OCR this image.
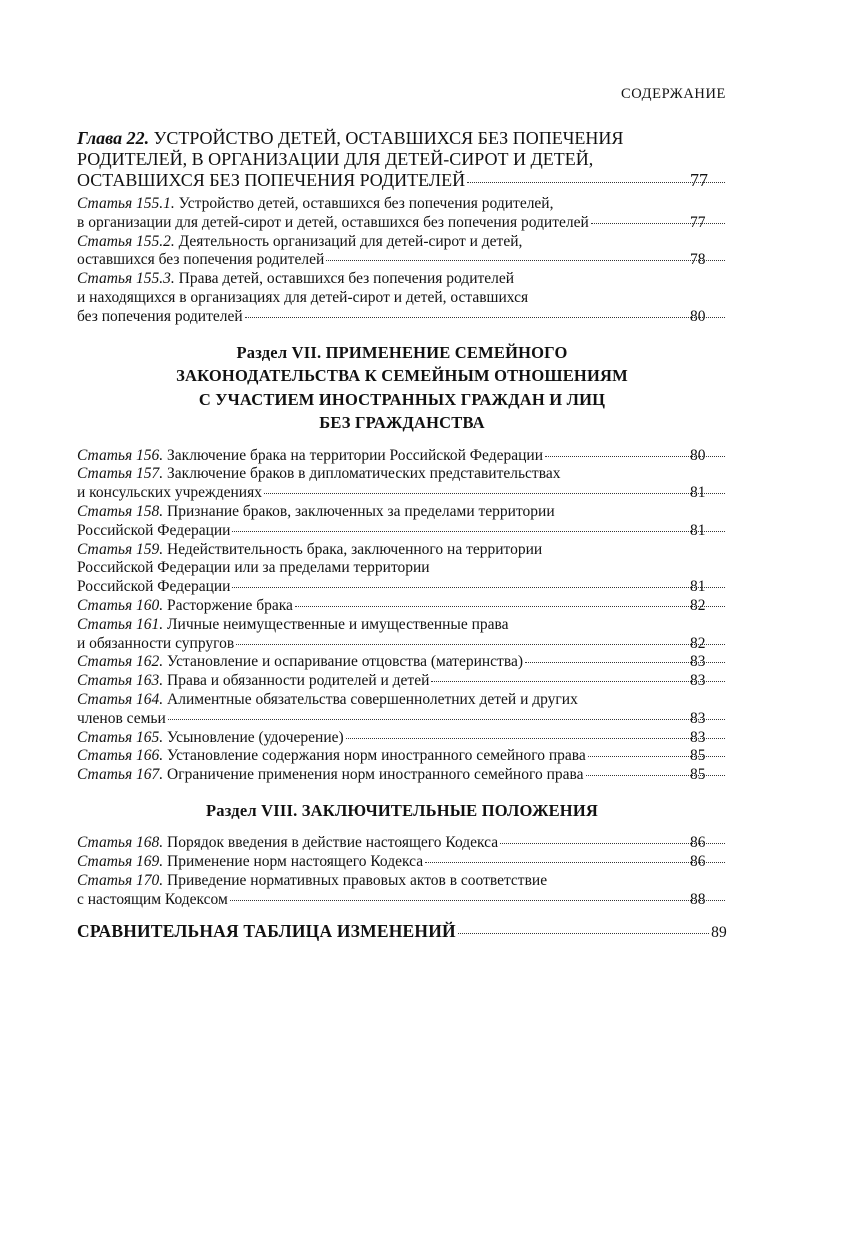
СОДЕРЖАНИЕ
Глава 22. УСТРОЙСТВО ДЕТЕЙ, ОСТАВШИХСЯ БЕЗ ПОПЕЧЕНИЯ
РОДИТЕЛЕЙ, В ОРГАНИЗАЦИИ ДЛЯ ДЕТЕЙ-СИРОТ И ДЕТЕЙ,
ОСТАВШИХСЯ БЕЗ ПОПЕЧЕНИЯ РОДИТЕЛЕЙ	77
Статья 155.1. Устройство детей, оставшихся без попечения родителей,
в организации для детей-сирот и детей, оставшихся без попечения родителей	77
Статья 155.2. Деятельность организаций для детей-сирот и детей,
оставшихся без попечения родителей	78
Статья 155.3. Права детей, оставшихся без попечения родителей
и находящихся в организациях для детей-сирот и детей, оставшихся
без попечения родителей	80
Раздел VII. ПРИМЕНЕНИЕ СЕМЕЙНОГО
ЗАКОНОДАТЕЛЬСТВА К СЕМЕЙНЫМ ОТНОШЕНИЯМ
С УЧАСТИЕМ ИНОСТРАННЫХ ГРАЖДАН И ЛИЦ
БЕЗ ГРАЖДАНСТВА
Статья 156. Заключение брака на территории Российской Федерации	80
Статья 157. Заключение браков в дипломатических представительствах
и консульских учреждениях	81
Статья 158. Признание браков, заключенных за пределами территории
Российской Федерации	81
Статья 159. Недействительность брака, заключенного на территории
Российской Федерации или за пределами территории
Российской Федерации	81
Статья 160. Расторжение брака	82
Статья 161. Личные неимущественные и имущественные права
и обязанности супругов	82
Статья 162. Установление и оспаривание отцовства (материнства)	83
Статья 163. Права и обязанности родителей и детей	83
Статья 164. Алиментные обязательства совершеннолетних детей и других
членов семьи	83
Статья 165. Усыновление (удочерение)	83
Статья 166. Установление содержания норм иностранного семейного права	85
Статья 167. Ограничение применения норм иностранного семейного права	85
Раздел VIII. ЗАКЛЮЧИТЕЛЬНЫЕ ПОЛОЖЕНИЯ
Статья 168. Порядок введения в действие настоящего Кодекса	86
Статья 169. Применение норм настоящего Кодекса	86
Статья 170. Приведение нормативных правовых актов в соответствие
с настоящим Кодексом	88
СРАВНИТЕЛЬНАЯ ТАБЛИЦА ИЗМЕНЕНИЙ	89
